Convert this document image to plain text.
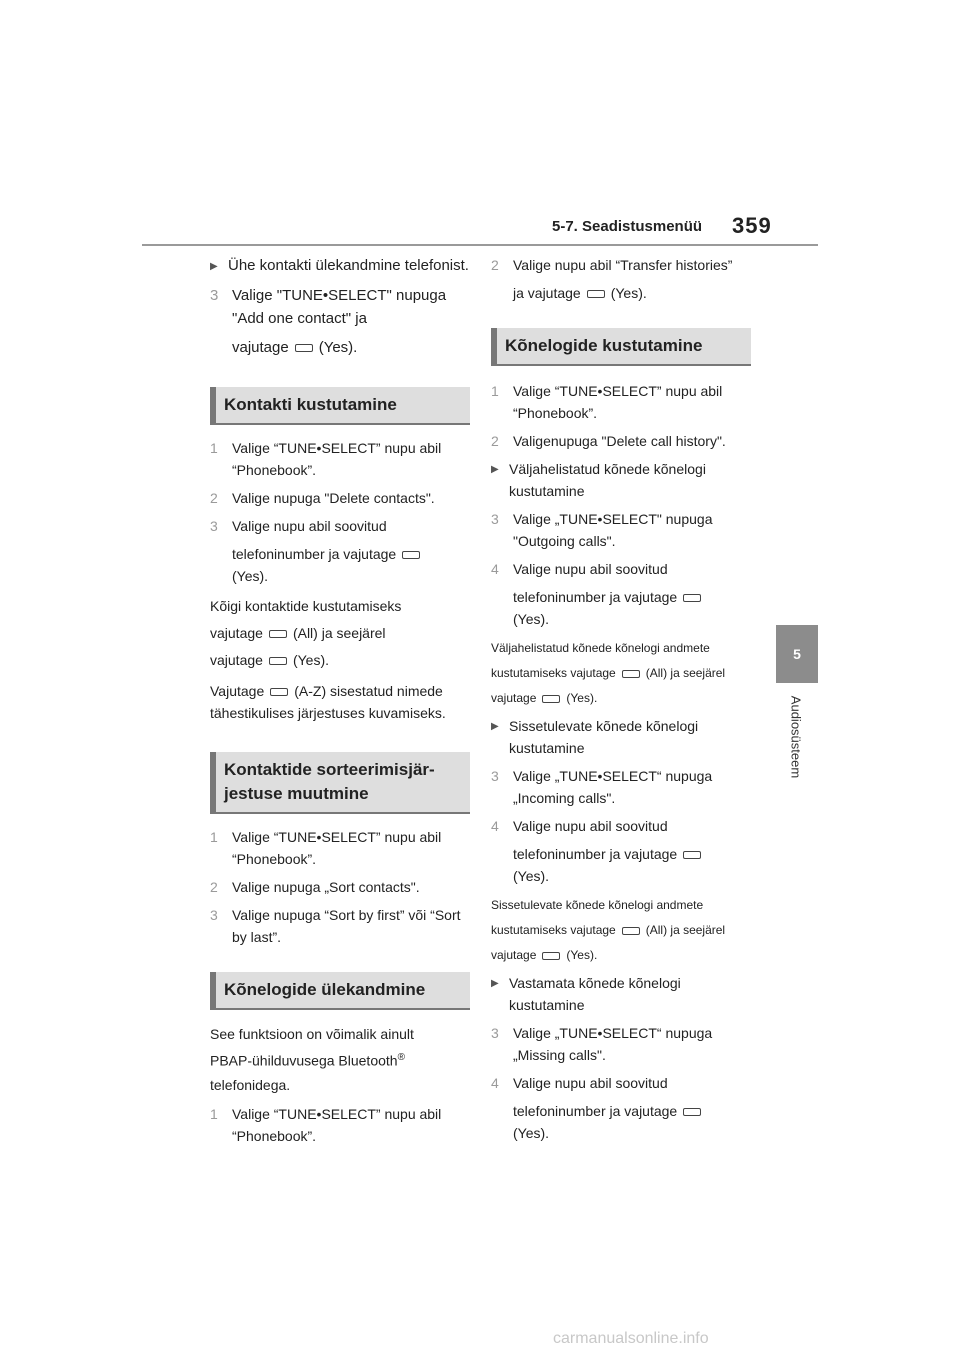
5-7. Seadistusmenüü 359
5
Audiosüsteem
▶ Ühe kontakti ülekandmine telefonist.
3 Valige "TUNE•SELECT" nupuga "Add one contact" ja
vajutage (Yes).
Kontakti kustutamine
1	Valige “TUNE•SELECT” nupu abil “Phonebook”.
2	Valige nupuga "Delete contacts".
3	Valige nupu abil soovitud
telefoninumber ja vajutage
(Yes).
Kõigi kontaktide kustutamiseks
vajutage (All) ja seejärel
vajutage (Yes).
Vajutage (A-Z) sisestatud nimede
tähestikulises järjestuses kuvamiseks.
Kontaktide sorteerimisjär-jestuse muutmine
1	Valige “TUNE•SELECT” nupu abil “Phonebook”.
2	Valige nupuga „Sort contacts".
3	Valige nupuga “Sort by first” või “Sort by last”.
Kõnelogide ülekandmine
See funktsioon on võimalik ainult
PBAP-ühilduvusega Bluetooth®
telefonidega.
1	Valige “TUNE•SELECT” nupu abil “Phonebook”.
2	Valige nupu abil “Transfer histories”
ja vajutage (Yes).
Kõnelogide kustutamine
1	Valige “TUNE•SELECT” nupu abil “Phonebook”.
2	Valigenupuga "Delete call history".
▶ Väljahelistatud kõnede kõnelogi kustutamine
3	Valige „TUNE•SELECT" nupuga "Outgoing calls".
4	Valige nupu abil soovitud
telefoninumber ja vajutage
(Yes).
Väljahelistatud kõnede kõnelogi andmete
kustutamiseks vajutage	(All) ja seejärel
vajutage	(Yes).
▶ Sissetulevate kõnede kõnelogi kustutamine
3	Valige „TUNE•SELECT“ nupuga „Incoming calls".
4	Valige nupu abil soovitud
telefoninumber ja vajutage
(Yes).
Sissetulevate kõnede kõnelogi andmete
kustutamiseks vajutage	(All) ja seejärel
vajutage	(Yes).
▶ Vastamata kõnede kõnelogi kustutamine
3	Valige „TUNE•SELECT“ nupuga „Missing calls".
4	Valige nupu abil soovitud
telefoninumber ja vajutage
(Yes).
carmanualsonline.info
